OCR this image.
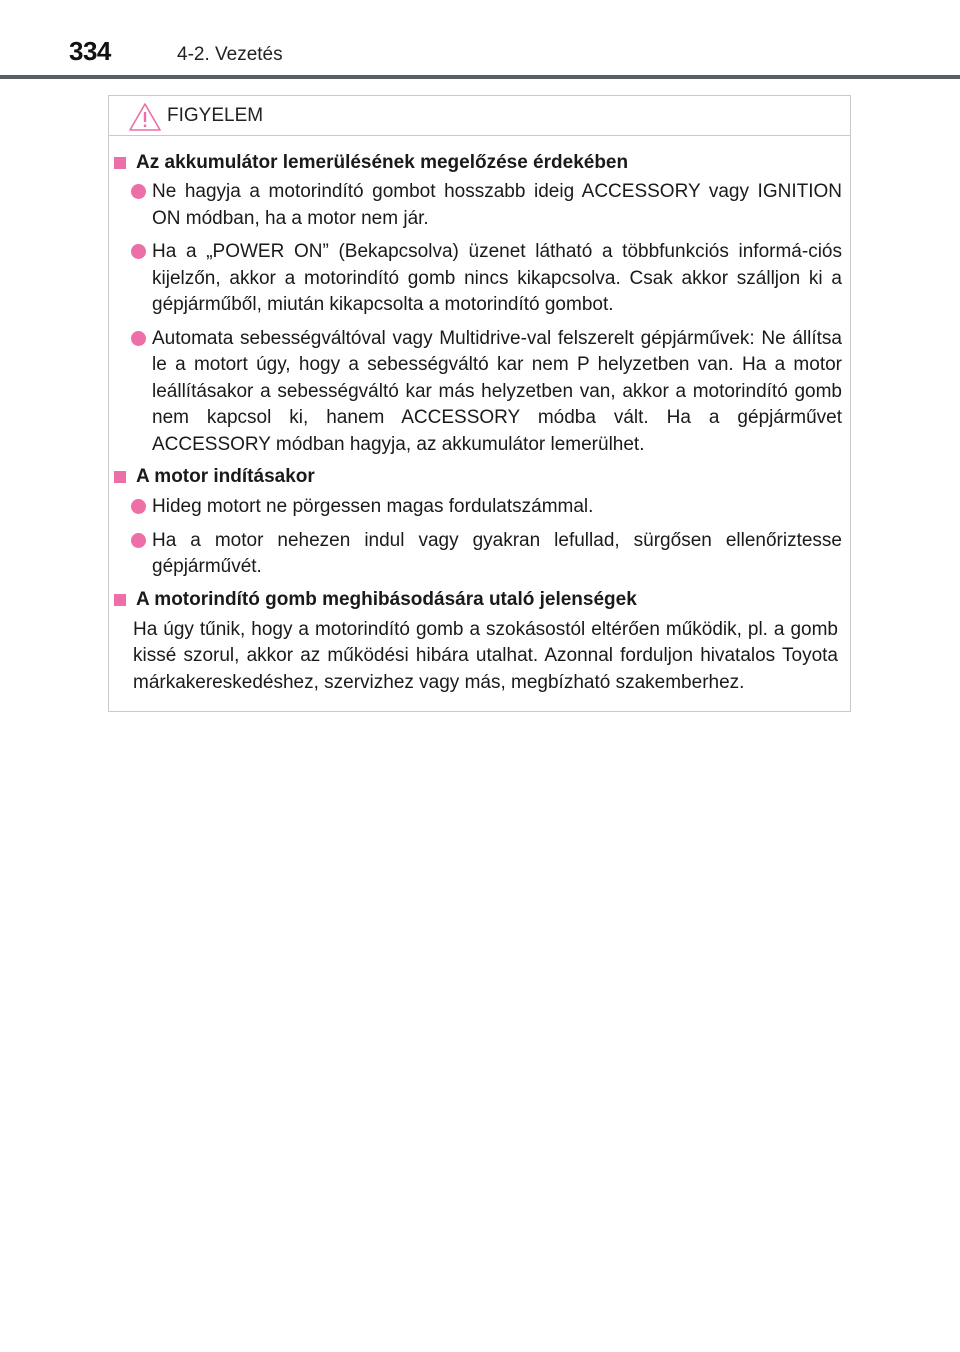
334	4-2. Vezetés
FIGYELEM
Az akkumulátor lemerülésének megelőzése érdekében
Ne hagyja a motorindító gombot hosszabb ideig ACCESSORY vagy IGNITION ON módban, ha a motor nem jár.
Ha a „POWER ON” (Bekapcsolva) üzenet látható a többfunkciós informá-ciós kijelzőn, akkor a motorindító gomb nincs kikapcsolva. Csak akkor szálljon ki a gépjárműből, miután kikapcsolta a motorindító gombot.
Automata sebességváltóval vagy Multidrive-val felszerelt gépjárművek: Ne állítsa le a motort úgy, hogy a sebességváltó kar nem P helyzetben van. Ha a motor leállításakor a sebességváltó kar más helyzetben van, akkor a motorindító gomb nem kapcsol ki, hanem ACCESSORY módba vált. Ha a gépjárművet ACCESSORY módban hagyja, az akkumulátor lemerülhet.
A motor indításakor
Hideg motort ne pörgessen magas fordulatszámmal.
Ha a motor nehezen indul vagy gyakran lefullad, sürgősen ellenőriztesse gépjárművét.
A motorindító gomb meghibásodására utaló jelenségek
Ha úgy tűnik, hogy a motorindító gomb a szokásostól eltérően működik, pl. a gomb kissé szorul, akkor az működési hibára utalhat. Azonnal forduljon hivatalos Toyota márkakereskedéshez, szervizhez vagy más, megbízható szakemberhez.
